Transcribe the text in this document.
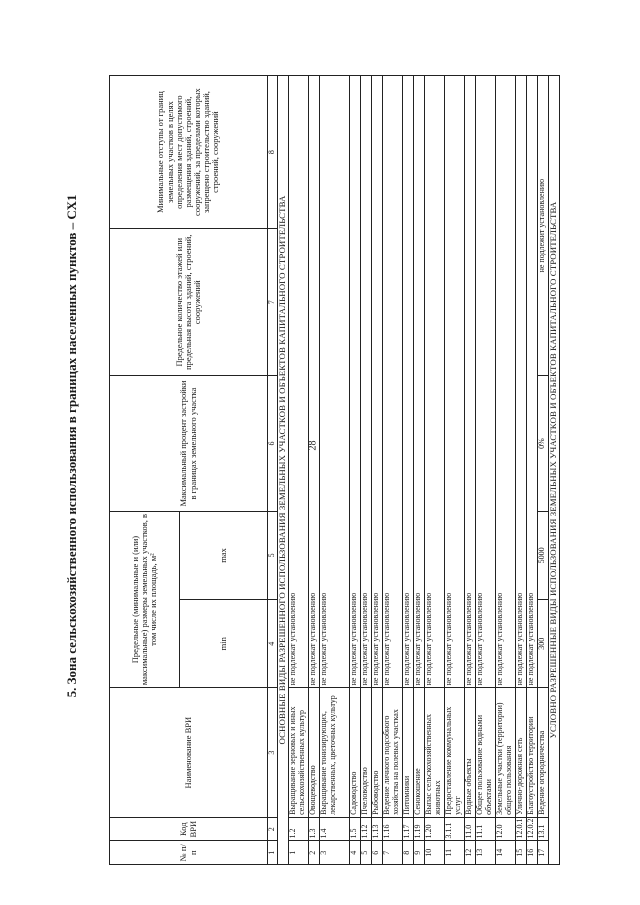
28
5. Зона сельскохозяйственного использования в границах населенных пунктов – СХ1
№ п/п	Код ВРИ	Наименование ВРИ	Предельные (минимальные и (или) максимальные) размеры земельных участков, в том числе их площадь, м²		Максимальный процент застройки в границах земельного участка	Предельное количество этажей или предельная высота зданий, строений, сооружений	Минимальные отступы от границ земельных участков в целях определения мест допустимого размещения зданий, строений, сооружений, за пределами которых запрещено строительство зданий, строений, сооружений
			min	max			
1	2	3	4	5	6	7	8
ОСНОВНЫЕ ВИДЫ РАЗРЕШЕННОГО ИСПОЛЬЗОВАНИЯ ЗЕМЕЛЬНЫХ УЧАСТКОВ И ОБЪЕКТОВ КАПИТАЛЬНОГО СТРОИТЕЛЬСТВА							
1	1.2	Выращивание зерновых и иных сельскохозяйственных культур	не подлежат установлению				
2	1.3	Овощеводство	не подлежат установлению				
3	1.4	Выращивание тонизирующих, лекарственных, цветочных культур	не подлежат установлению				
4	1.5	Садоводство	не подлежат установлению				
5	1.12	Пчеловодство	не подлежат установлению				
6	1.13	Рыбоводство	не подлежат установлению				
7	1.16	Ведение личного подсобного хозяйства на полевых участках	не подлежат установлению				
8	1.17	Питомники	не подлежат установлению				
9	1.19	Сенокошение	не подлежат установлению				
10	1.20	Выпас сельскохозяйственных животных	не подлежат установлению				
11	3.1.1	Предоставление коммунальных услуг	не подлежат установлению				
12	11.0	Водные объекты	не подлежат установлению				
13	11.1	Общее пользование водными объектами	не подлежат установлению				
14	12.0	Земельные участки (территории) общего пользования	не подлежат установлению				
15	12.0.1	Улично-дорожная сеть	не подлежат установлению				
16	12.0.2	Благоустройство территории	не подлежат установлению				
17	13.1	Ведение огородничества	300	5000	0%	не подлежит установлению	
УСЛОВНО РАЗРЕШЕННЫЕ ВИДЫ ИСПОЛЬЗОВАНИЯ ЗЕМЕЛЬНЫХ УЧАСТКОВ И ОБЪЕКТОВ КАПИТАЛЬНОГО СТРОИТЕЛЬСТВА							
